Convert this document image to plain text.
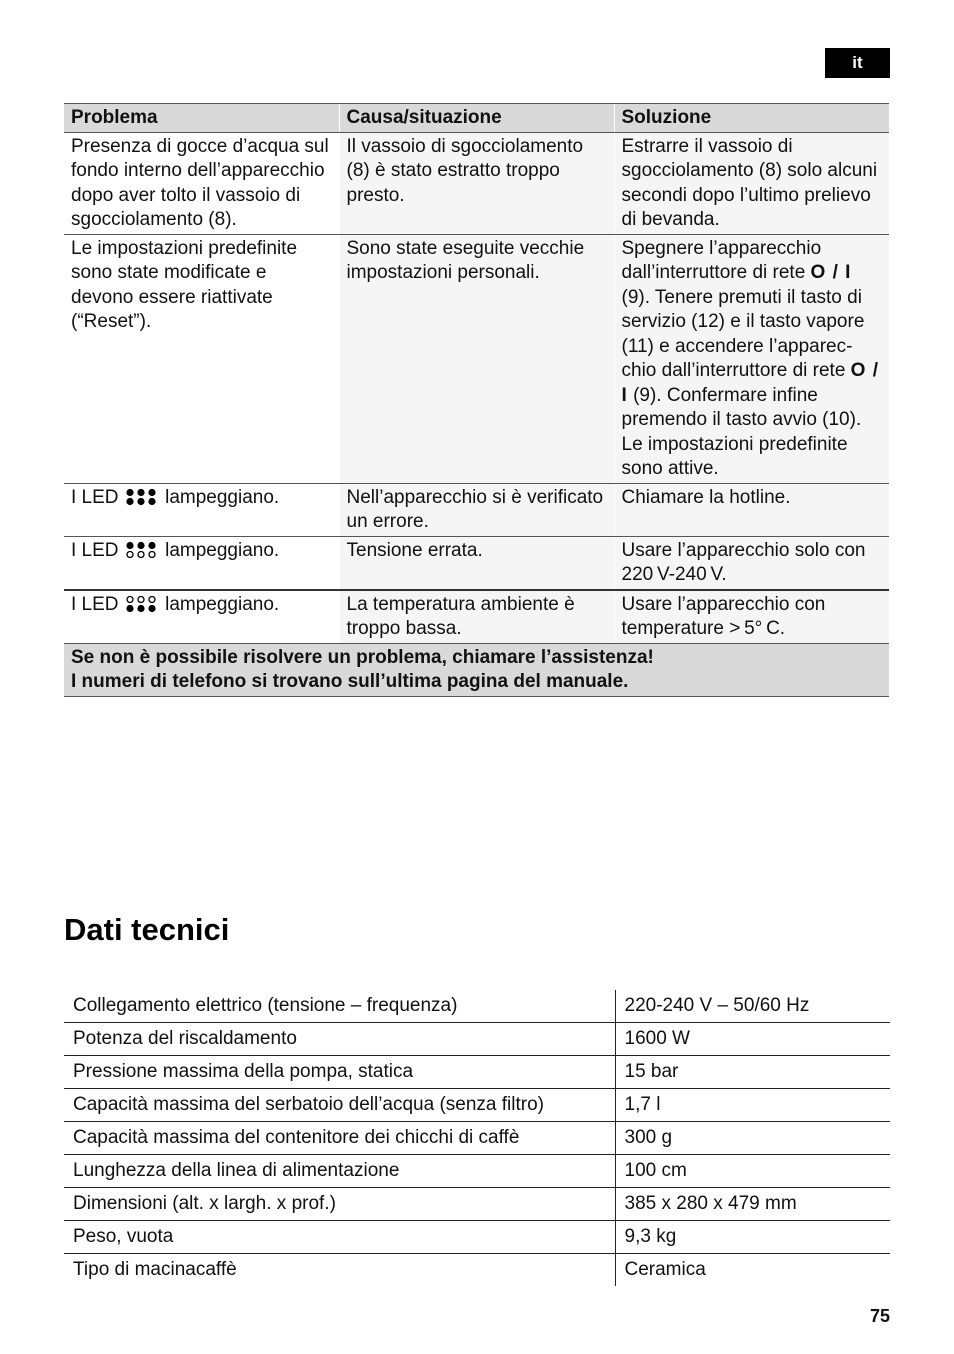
it
Problema	Causa/situazione	Soluzione
Presenza di gocce d’acqua sul fondo interno dell’apparecchio dopo aver tolto il vassoio di sgocciolamento (8).	Il vassoio di sgocciolamento (8) è stato estratto troppo presto.	Estrarre il vassoio di sgocciolamento (8) solo alcuni secondi dopo l’ultimo prelievo di bevanda.
Le impostazioni predefinite sono state modificate e devono essere riattivate (“Reset”).	Sono state eseguite vecchie impostazioni personali.	Spegnere l’apparecchio dall’interruttore di rete O / I (9). Tenere premuti il tasto di servizio (12) e il tasto vapore (11) e accendere l’apparec-chio dall’interruttore di rete O / I (9). Confermare infine premendo il tasto avvio (10). Le impostazioni predefinite sono attive.
I LED lampeggiano.	Nell’apparecchio si è verificato un errore.	Chiamare la hotline.
I LED lampeggiano.	Tensione errata.	Usare l’apparecchio solo con 220 V-240 V.
I LED lampeggiano.	La temperatura ambiente è troppo bassa.	Usare l’apparecchio con temperature > 5° C.

Se non è possibile risolvere un problema, chiamare l’assistenza!
I numeri di telefono si trovano sull’ultima pagina del manuale.		
Dati tecnici
Collegamento elettrico (tensione – frequenza)	220-240 V – 50/60 Hz
Potenza del riscaldamento	1600 W
Pressione massima della pompa, statica	15 bar
Capacità massima del serbatoio dell’acqua (senza filtro)	1,7 l
Capacità massima del contenitore dei chicchi di caffè	300 g
Lunghezza della linea di alimentazione	100 cm
Dimensioni (alt. x largh. x prof.)	385 x 280 x 479 mm
Peso, vuota	9,3 kg
Tipo di macinacaffè	Ceramica
75
